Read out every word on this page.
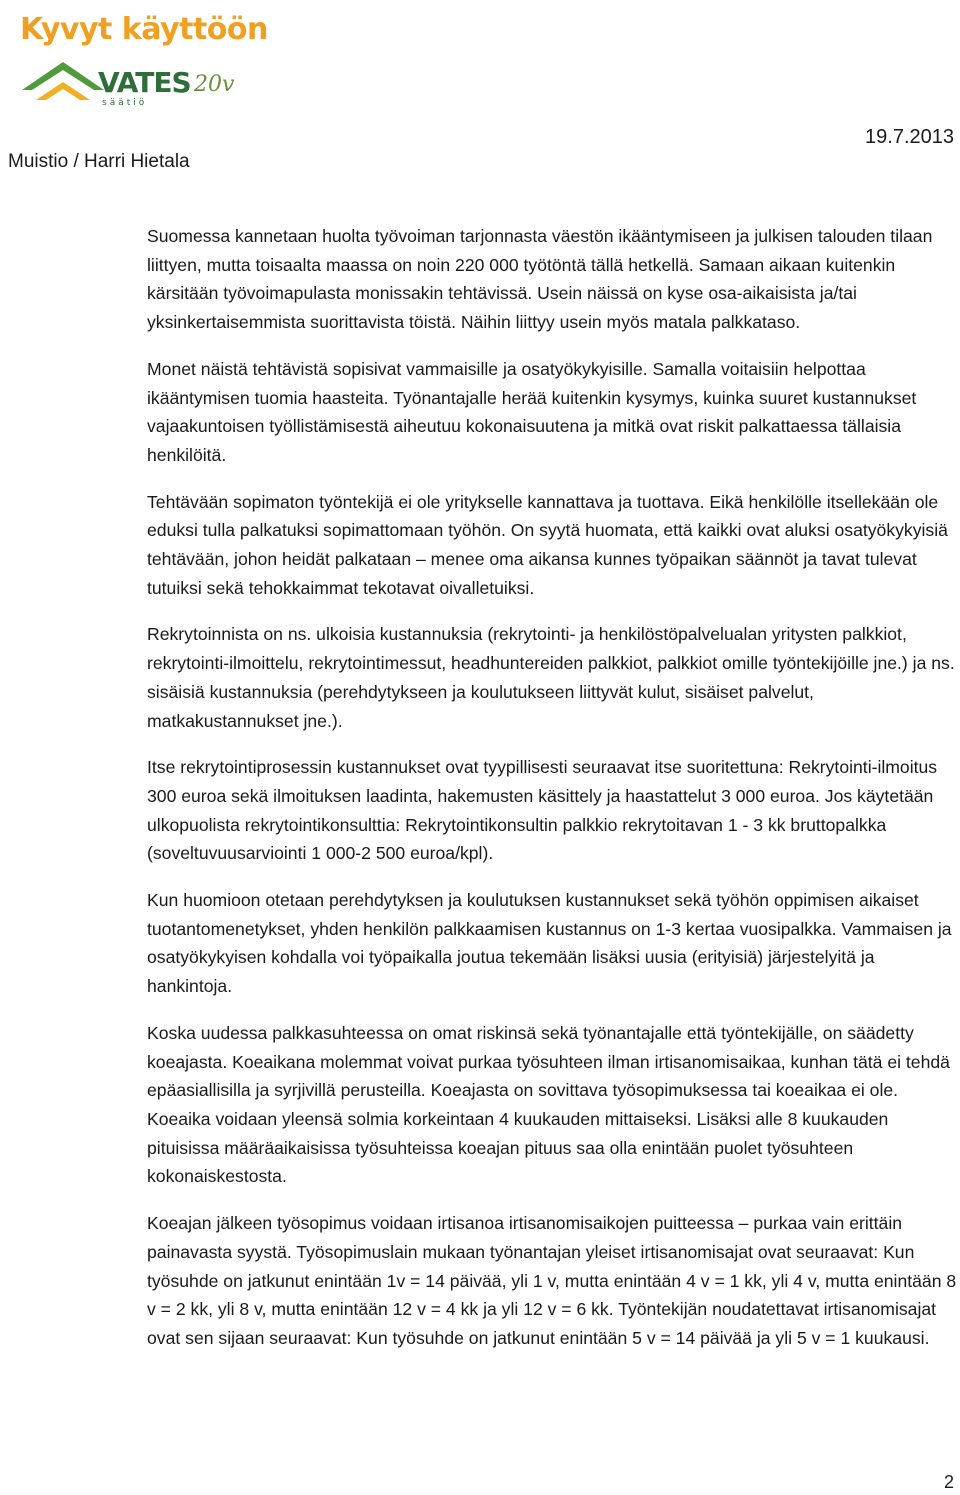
Kyvyt käyttöön
VATES 20v
säätiö
Muistio / Harri Hietala
19.7.2013

Suomessa kannetaan huolta työvoiman tarjonnasta väestön ikääntymiseen ja julkisen talouden tilaan liittyen, mutta toisaalta maassa on noin 220 000 työtöntä tällä hetkellä. Samaan aikaan kuitenkin kärsitään työvoimapulasta monissakin tehtävissä. Usein näissä on kyse osa-aikaisista ja/tai yksinkertaisemmista suorittavista töistä. Näihin liittyy usein myös matala palkkataso.

Monet näistä tehtävistä sopisivat vammaisille ja osatyökykyisille. Samalla voitaisiin helpottaa ikääntymisen tuomia haasteita. Työnantajalle herää kuitenkin kysymys, kuinka suuret kustannukset vajaakuntoisen työllistämisestä aiheutuu kokonaisuutena ja mitkä ovat riskit palkattaessa tällaisia henkilöitä.

Tehtävään sopimaton työntekijä ei ole yritykselle kannattava ja tuottava. Eikä henkilölle itsellekään ole eduksi tulla palkatuksi sopimattomaan työhön. On syytä huomata, että kaikki ovat aluksi osatyökykyisiä tehtävään, johon heidät palkataan – menee oma aikansa kunnes työpaikan säännöt ja tavat tulevat tutuiksi sekä tehokkaimmat tekotavat oivalletuiksi.

Rekrytoinnista on ns. ulkoisia kustannuksia (rekrytointi- ja henkilöstöpalvelualan yritysten palkkiot, rekrytointi-ilmoittelu, rekrytointimessut, headhuntereiden palkkiot, palkkiot omille työntekijöille jne.) ja ns. sisäisiä kustannuksia (perehdytykseen ja koulutukseen liittyvät kulut, sisäiset palvelut, matkakustannukset jne.).

Itse rekrytointiprosessin kustannukset ovat tyypillisesti seuraavat itse suoritettuna: Rekrytointi-ilmoitus 300 euroa sekä ilmoituksen laadinta, hakemusten käsittely ja haastattelut 3 000 euroa. Jos käytetään ulkopuolista rekrytointikonsulttia: Rekrytointikonsultin palkkio rekrytoitavan 1 - 3 kk bruttopalkka (soveltuvuusarviointi 1 000-2 500 euroa/kpl).

Kun huomioon otetaan perehdytyksen ja koulutuksen kustannukset sekä työhön oppimisen aikaiset tuotantomenetykset, yhden henkilön palkkaamisen kustannus on 1-3 kertaa vuosipalkka. Vammaisen ja osatyökykyisen kohdalla voi työpaikalla joutua tekemään lisäksi uusia (erityisiä) järjestelyitä ja hankintoja.

Koska uudessa palkkasuhteessa on omat riskinsä sekä työnantajalle että työntekijälle, on säädetty koeajasta. Koeaikana molemmat voivat purkaa työsuhteen ilman irtisanomisaikaa, kunhan tätä ei tehdä epäasiallisilla ja syrjivillä perusteilla. Koeajasta on sovittava työsopimuksessa tai koeaikaa ei ole. Koeaika voidaan yleensä solmia korkeintaan 4 kuukauden mittaiseksi. Lisäksi alle 8 kuukauden pituisissa määräaikaisissa työsuhteissa koeajan pituus saa olla enintään puolet työsuhteen kokonaiskestosta.

Koeajan jälkeen työsopimus voidaan irtisanoa irtisanomisaikojen puitteessa – purkaa vain erittäin painavasta syystä. Työsopimuslain mukaan työnantajan yleiset irtisanomisajat ovat seuraavat: Kun työsuhde on jatkunut enintään 1v = 14 päivää, yli 1 v, mutta enintään 4 v = 1 kk, yli 4 v, mutta enintään 8 v = 2 kk, yli 8 v, mutta enintään 12 v = 4 kk ja yli 12 v = 6 kk. Työntekijän noudatettavat irtisanomisajat ovat sen sijaan seuraavat: Kun työsuhde on jatkunut enintään 5 v = 14 päivää ja yli 5 v = 1 kuukausi.

2
